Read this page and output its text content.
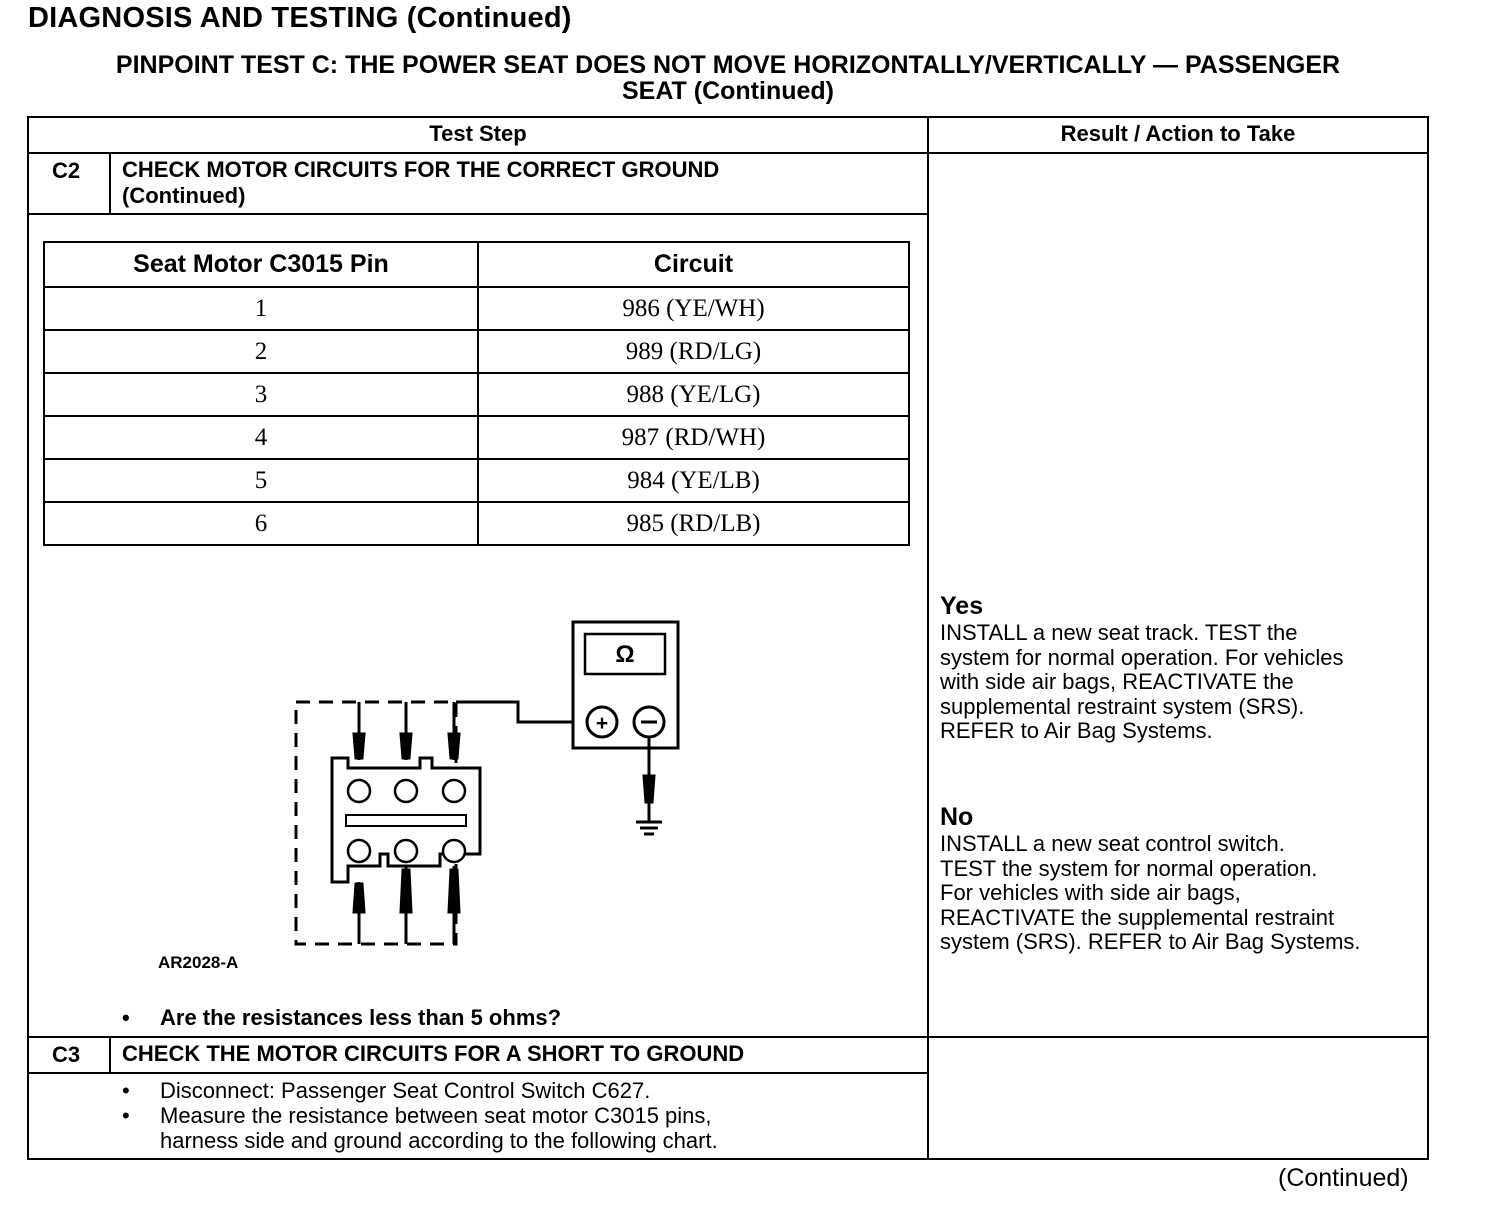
DIAGNOSIS AND TESTING (Continued)
PINPOINT TEST C: THE POWER SEAT DOES NOT MOVE HORIZONTALLY/VERTICALLY — PASSENGER
SEAT (Continued)
Test Step	Result / Action to Take
C2 CHECK MOTOR CIRCUITS FOR THE CORRECT GROUND
(Continued)
Seat Motor C3015 Pin	Circuit
1	986 (YE/WH)
2	989 (RD/LG)
3	988 (YE/LG)
4	987 (RD/WH)
5	984 (YE/LB)
6	985 (RD/LB)
Ω
+
AR2028-A
• Are the resistances less than 5 ohms?
Yes
INSTALL a new seat track. TEST the
system for normal operation. For vehicles
with side air bags, REACTIVATE the
supplemental restraint system (SRS).
REFER to Air Bag Systems.
No
INSTALL a new seat control switch.
TEST the system for normal operation.
For vehicles with side air bags,
REACTIVATE the supplemental restraint
system (SRS). REFER to Air Bag Systems.
C3 CHECK THE MOTOR CIRCUITS FOR A SHORT TO GROUND
• Disconnect: Passenger Seat Control Switch C627.
• Measure the resistance between seat motor C3015 pins,
harness side and ground according to the following chart.
(Continued)
